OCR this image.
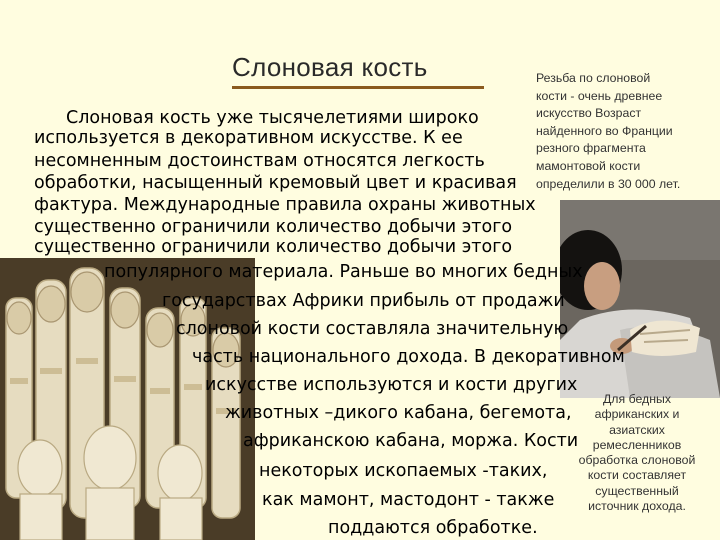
Слоновая кость	Резьба по слоновой
кости - очень древнее
искусство Возраст
найденного во Франции
резного фрагмента
мамонтовой кости
определили в 30 000 лет.
Для бедных
африканских и
азиатских
ремесленников
обработка слоновой
кости составляет
существенный
источник дохода.
Слоновая кость уже тысячелетиями широко
используется в декоративном искусстве. К ее
несомненным достоинствам относятся легкость
обработки, насыщенный кремовый цвет и красивая
фактура. Международные правила охраны животных
существенно ограничили количество добычи этого
существенно ограничили количество добычи этого
популярного материала. Раньше во многих бедных
государствах Африки прибыль от продажи
слоновой кости составляла значительную
часть национального дохода. В декоративном
искусстве используются и кости других
животных –дикого кабана, бегемота,
африканскою кабана, моржа. Кости
некоторых ископаемых -таких,
как мамонт, мастодонт - также
поддаются обработке.
